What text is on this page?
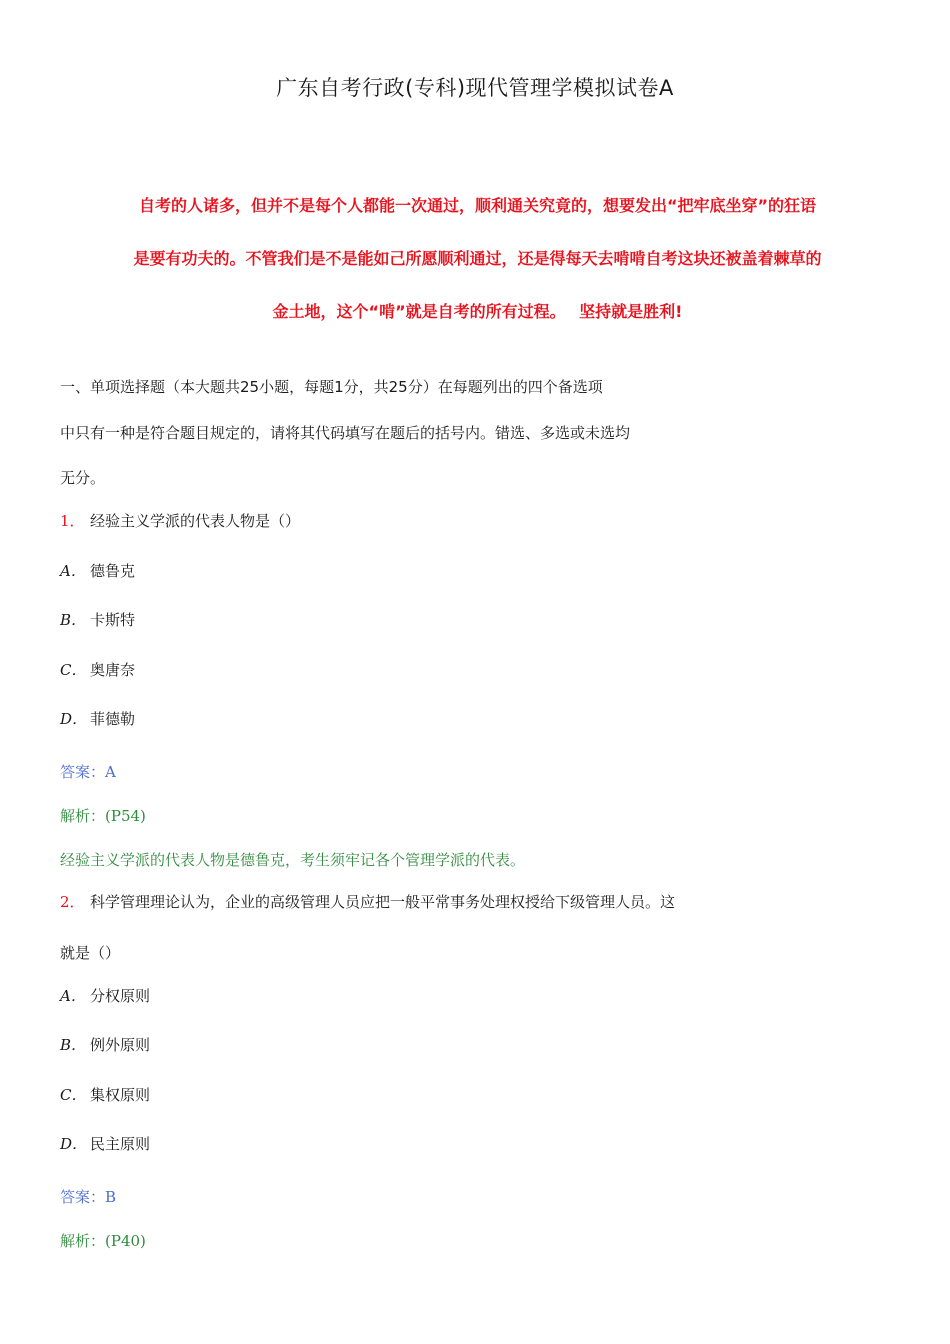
广东自考行政(专科)现代管理学模拟试卷A
自考的人诸多，但并不是每个人都能一次通过，顺利通关究竟的，想要发出“把牢底坐穿”的狂语
是要有功夫的。不管我们是不是能如己所愿顺利通过，还是得每天去啃啃自考这块还被盖着棘草的
金土地，这个“啃”就是自考的所有过程。　 坚持就是胜利!
一、单项选择题（本大题共25小题，每题1分，共25分）在每题列出的四个备选项
中只有一种是符合题目规定的，请将其代码填写在题后的括号内。错选、多选或未选均
无分。
1． 经验主义学派的代表人物是（）
A． 德鲁克
B． 卡斯特
C． 奥唐奈
D． 菲德勒
答案：A
解析：(P54)
经验主义学派的代表人物是德鲁克，考生须牢记各个管理学派的代表。
2． 科学管理理论认为，企业的高级管理人员应把一般平常事务处理权授给下级管理人员。这
就是（）
A． 分权原则
B． 例外原则
C． 集权原则
D． 民主原则
答案：B
解析：(P40)
